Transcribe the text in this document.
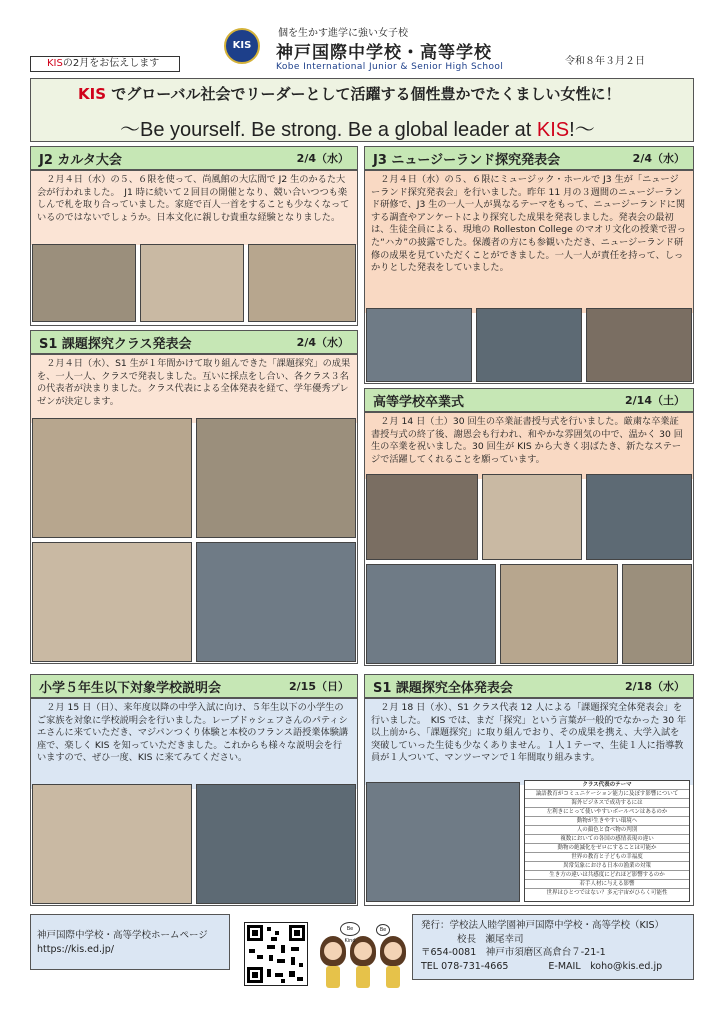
KISの2月をお伝えします
KIS
個を生かす進学に強い女子校
神戸国際中学校・高等学校
Kobe International Junior & Senior High School	令和８年３月２日
KIS でグローバル社会でリーダーとして活躍する個性豊かでたくましい女性に！
～Be yourself. Be strong. Be a global leader at KIS!～
J2 カルタ大会	2/4（水）
２月４日（水）の５、６限を使って、尚風館の大広間で J2 生のかるた大会が行われました。　J1 時に続いて２回目の開催となり、競い合いつつも楽しんで札を取り合っていました。家庭で百人一首をすることも少なくなっているのではないでしょうか。日本文化に親しむ貴重な経験となりました。
J3 ニュージーランド探究発表会	2/4（水）
２月４日（水）の５、６限にミュージック・ホールで J3 生が「ニュージーランド探究発表会」を行いました。昨年 11 月の３週間のニュージーランド研修で、J3 生の一人一人が異なるテーマをもって、ニュージーランドに関する調査やアンケートにより探究した成果を発表しました。発表会の最初は、生徒全員による、現地の Rolleston College のマオリ文化の授業で習った“ハカ”の披露でした。保護者の方にも参観いただき、ニュージーランド研修の成果を見ていただくことができました。一人一人が責任を持って、しっかりとした発表をしていました。
S1 課題探究クラス発表会	2/4（水）
２月４日（水）、S1 生が１年間かけて取り組んできた「課題探究」の成果を、一人一人、クラスで発表しました。互いに採点をし合い、各クラス３名の代表者が決まりました。クラス代表による全体発表を経て、学年優秀プレゼンが決定します。	高等学校卒業式	2/14（土）
２月 14 日（土）30 回生の卒業証書授与式を行いました。厳粛な卒業証書授与式の終了後、謝恩会も行われ、和やかな雰囲気の中で、温かく 30 回生の卒業を祝いました。30 回生が KIS から大きく羽ばたき、新たなステージで活躍してくれることを願っています。
小学５年生以下対象学校説明会	2/15（日）
２月 15 日（日）、来年度以降の中学入試に向け、５年生以下の小学生のご家族を対象に学校説明会を行いました。レーブドゥシェフさんのパティシエさんに来ていただき、マジパンつくり体験と本校のフランス語授業体験講座で、楽しく KIS を知っていただきました。これからも様々な説明会を行いますので、ぜひ一度、KIS に来てみてください。
S1 課題探究全体発表会	2/18（水）
２月 18 日（水）、S1 クラス代表 12 人による「課題探究全体発表会」を行いました。　KIS では、まだ「探究」という言葉が一般的でなかった 30 年以上前から、「課題探究」に取り組んでおり、その成果を携え、大学入試を突破していった生徒も少なくありません。１人１テーマ、生徒１人に指導教員が１人ついて、マンツーマンで１年間取り組みます。
クラス代表のテーマ
論語教育がコミュニケーション能力に及ぼす影響について
海外ビジネスで成功するには
左利きにとって使いやすいボールペンはあるのか
動物が生きやすい環境へ
人の顔色と食べ物の判別
複数においての各国の感情表現の違い
動物の絶滅化をゼロにすることは可能か
世界の教育と子どもの幸福度
異常気象における日本の漁業の対策
生き方の違いは共感度にどれほど影響するのか
若手人材に与える影響
世界はひとつではない？多元宇宙がひらく可能性
神戸国際中学校・高等学校ホームページ
https://kis.ed.jp/
Be Kind
Be	発行：学校法人睦学園神戸国際中学校・高等学校（KIS）
校長　瀬尾幸司
〒654-0081　神戸市須磨区高倉台７-21-1
TEL 078-731-4665	E-MAIL　koho@kis.ed.jp
